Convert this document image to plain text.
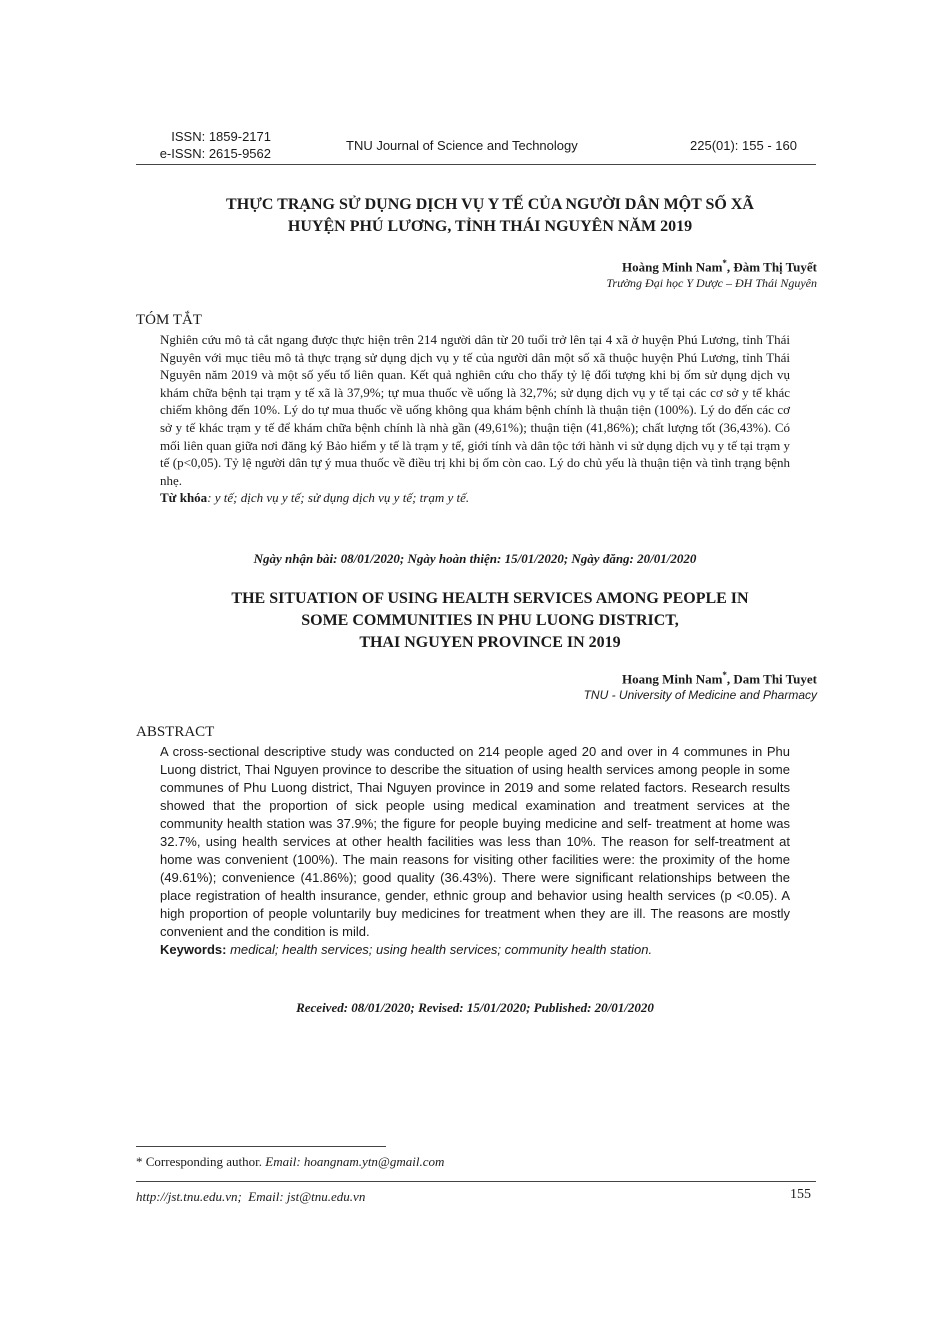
ISSN: 1859-2171
e-ISSN: 2615-9562
TNU Journal of Science and Technology	225(01): 155 - 160
THỰC TRẠNG SỬ DỤNG DỊCH VỤ Y TẾ CỦA NGƯỜI DÂN MỘT SỐ XÃ
HUYỆN PHÚ LƯƠNG, TỈNH THÁI NGUYÊN NĂM 2019
Hoàng Minh Nam*, Đàm Thị Tuyết
Trường Đại học Y Dược – ĐH Thái Nguyên
TÓM TẮT
Nghiên cứu mô tả cắt ngang được thực hiện trên 214 người dân từ 20 tuổi trở lên tại 4 xã ở huyện Phú Lương, tỉnh Thái Nguyên với mục tiêu mô tả thực trạng sử dụng dịch vụ y tế của người dân một số xã thuộc huyện Phú Lương, tỉnh Thái Nguyên năm 2019 và một số yếu tố liên quan. Kết quả nghiên cứu cho thấy tỷ lệ đối tượng khi bị ốm sử dụng dịch vụ khám chữa bệnh tại trạm y tế xã là 37,9%; tự mua thuốc về uống là 32,7%; sử dụng dịch vụ y tế tại các cơ sở y tế khác chiếm không đến 10%. Lý do tự mua thuốc về uống không qua khám bệnh chính là thuận tiện (100%). Lý do đến các cơ sở y tế khác trạm y tế để khám chữa bệnh chính là nhà gần (49,61%); thuận tiện (41,86%); chất lượng tốt (36,43%). Có mối liên quan giữa nơi đăng ký Bảo hiểm y tế là trạm y tế, giới tính và dân tộc tới hành vi sử dụng dịch vụ y tế tại trạm y tế (p<0,05). Tỷ lệ người dân tự ý mua thuốc về điều trị khi bị ốm còn cao. Lý do chủ yếu là thuận tiện và tình trạng bệnh nhẹ.
Từ khóa: y tế; dịch vụ y tế; sử dụng dịch vụ y tế; trạm y tế.
Ngày nhận bài: 08/01/2020; Ngày hoàn thiện: 15/01/2020; Ngày đăng: 20/01/2020
THE SITUATION OF USING HEALTH SERVICES AMONG PEOPLE IN
SOME COMMUNITIES IN PHU LUONG DISTRICT,
THAI NGUYEN PROVINCE IN 2019
Hoang Minh Nam*, Dam Thi Tuyet
TNU - University of Medicine and Pharmacy
ABSTRACT
A cross-sectional descriptive study was conducted on 214 people aged 20 and over in 4 communes in Phu Luong district, Thai Nguyen province to describe the situation of using health services among people in some communes of Phu Luong district, Thai Nguyen province in 2019 and some related factors. Research results showed that the proportion of sick people using medical examination and treatment services at the community health station was 37.9%; the figure for people buying medicine and self- treatment at home was 32.7%, using health services at other health facilities was less than 10%. The reason for self-treatment at home was convenient (100%). The main reasons for visiting other facilities were: the proximity of the home (49.61%); convenience (41.86%); good quality (36.43%). There were significant relationships between the place registration of health insurance, gender, ethnic group and behavior using health services (p <0.05). A high proportion of people voluntarily buy medicines for treatment when they are ill. The reasons are mostly convenient and the condition is mild.
Keywords: medical; health services; using health services; community health station.
Received: 08/01/2020; Revised: 15/01/2020; Published: 20/01/2020
* Corresponding author. Email: hoangnam.ytn@gmail.com
http://jst.tnu.edu.vn;  Email: jst@tnu.edu.vn	155
